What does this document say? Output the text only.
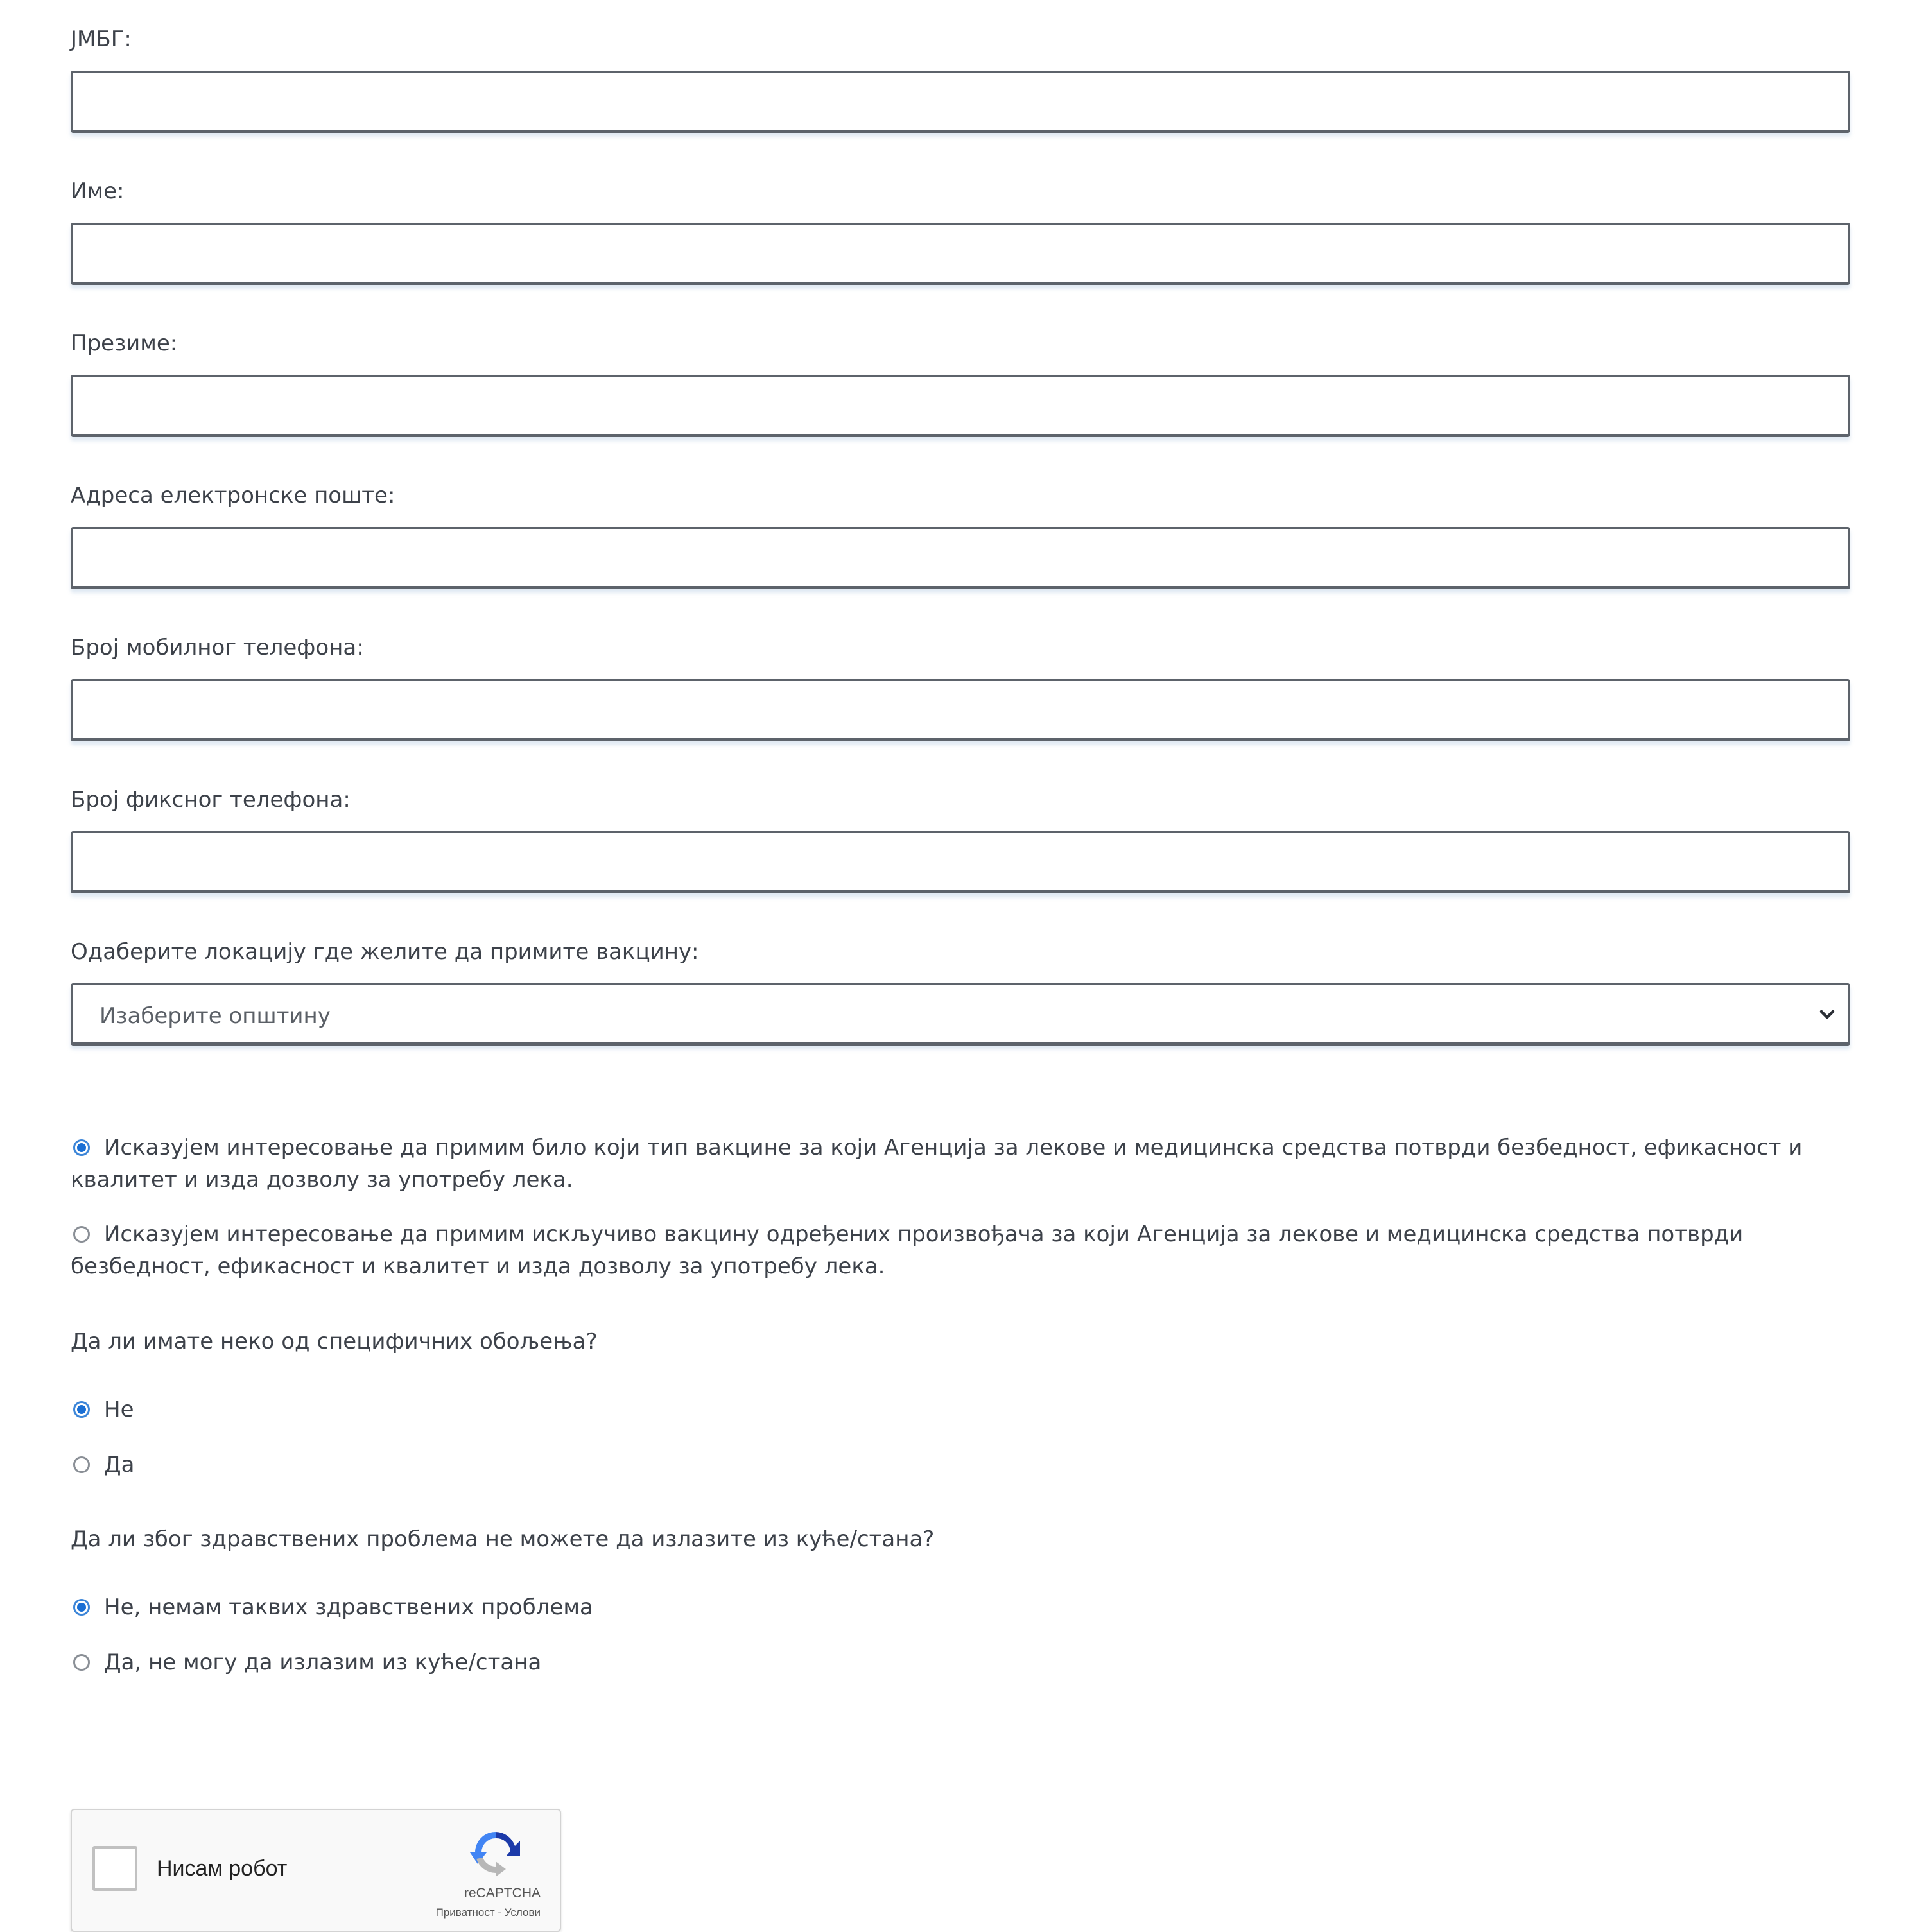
ЈМБГ:
Име:
Презиме:
Адреса електронске поште:
Број мобилног телефона:
Број фиксног телефона:
Одаберите локацију где желите да примите вакцину:
Изаберите општину
Исказујем интересовање да примим било који тип вакцине за који Агенција за лекове и медицинска средства потврди безбедност, ефикасност и квалитет и изда дозволу за употребу лека.
Исказујем интересовање да примим искључиво вакцину одређених произвођача за који Агенција за лекове и медицинска средства потврди безбедност, ефикасност и квалитет и изда дозволу за употребу лека.
Да ли имате неко од специфичних обољења?
Не
Да
Да ли због здравствених проблема не можете да излазите из куће/стана?
Не, немам таквих здравствених проблема
Да, не могу да излазим из куће/стана
Нисам робот
reCAPTCHA
Приватност - Услови
